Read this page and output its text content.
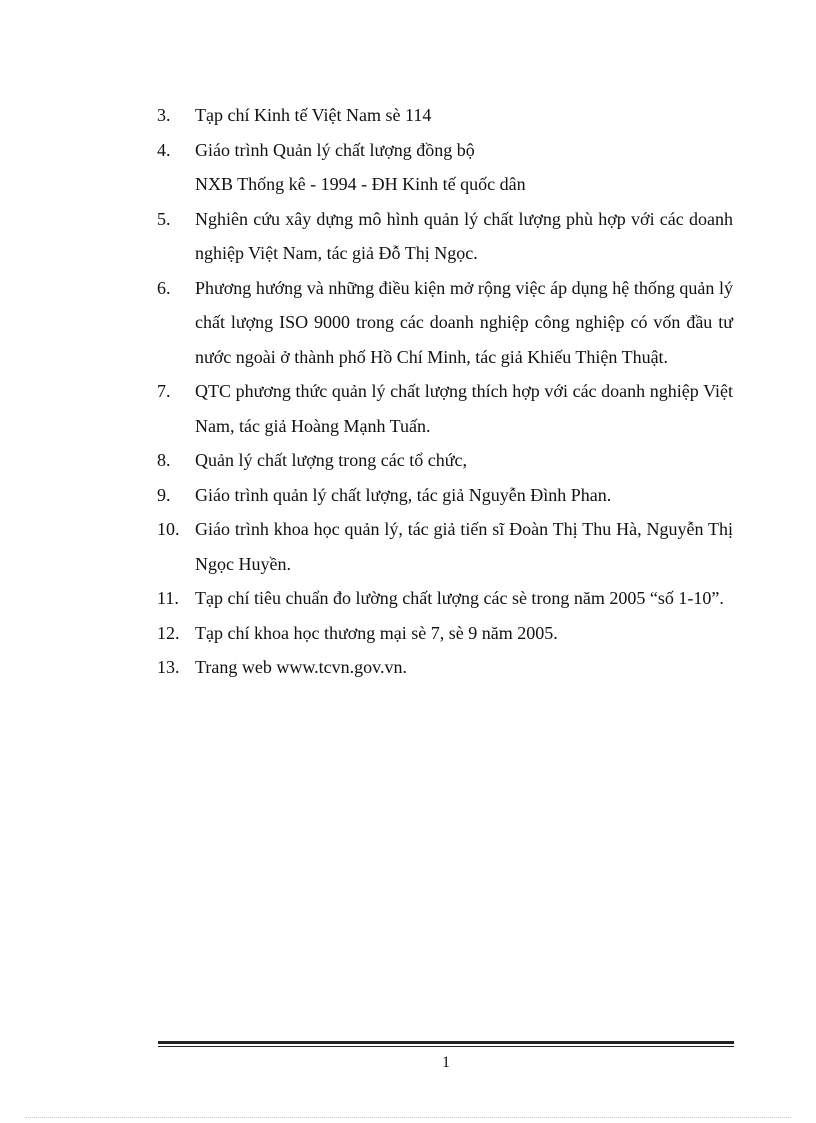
3.	Tạp chí Kinh tế Việt Nam sè 114
4.	Giáo trình Quản lý chất lượng đồng bộ
NXB Thống kê - 1994 - ĐH Kinh tế quốc dân
5.	Nghiên cứu xây dựng mô hình quản lý chất lượng phù hợp với các doanh nghiệp Việt Nam, tác giả Đỗ Thị Ngọc.
6.	Phương hướng và những điều kiện mở rộng việc áp dụng hệ thống quản lý chất lượng ISO 9000 trong các doanh nghiệp công nghiệp có vốn đầu tư nước ngoài ở thành phố Hồ Chí Minh, tác giả Khiếu Thiện Thuật.
7.	QTC phương thức quản lý chất lượng thích hợp với các doanh nghiệp Việt Nam, tác giả Hoàng Mạnh Tuấn.
8.	Quản lý chất lượng trong các tổ chức,
9.	Giáo trình quản lý chất lượng, tác giả Nguyễn Đình Phan.
10. Giáo trình khoa học quản lý, tác giả tiến sĩ Đoàn Thị Thu Hà, Nguyễn Thị Ngọc Huyền.
11. Tạp chí tiêu chuẩn đo lường chất lượng các sè trong năm 2005 “số 1-10”.
12. Tạp chí khoa học thương mại sè 7, sè 9 năm 2005.
13. Trang web www.tcvn.gov.vn.
1
